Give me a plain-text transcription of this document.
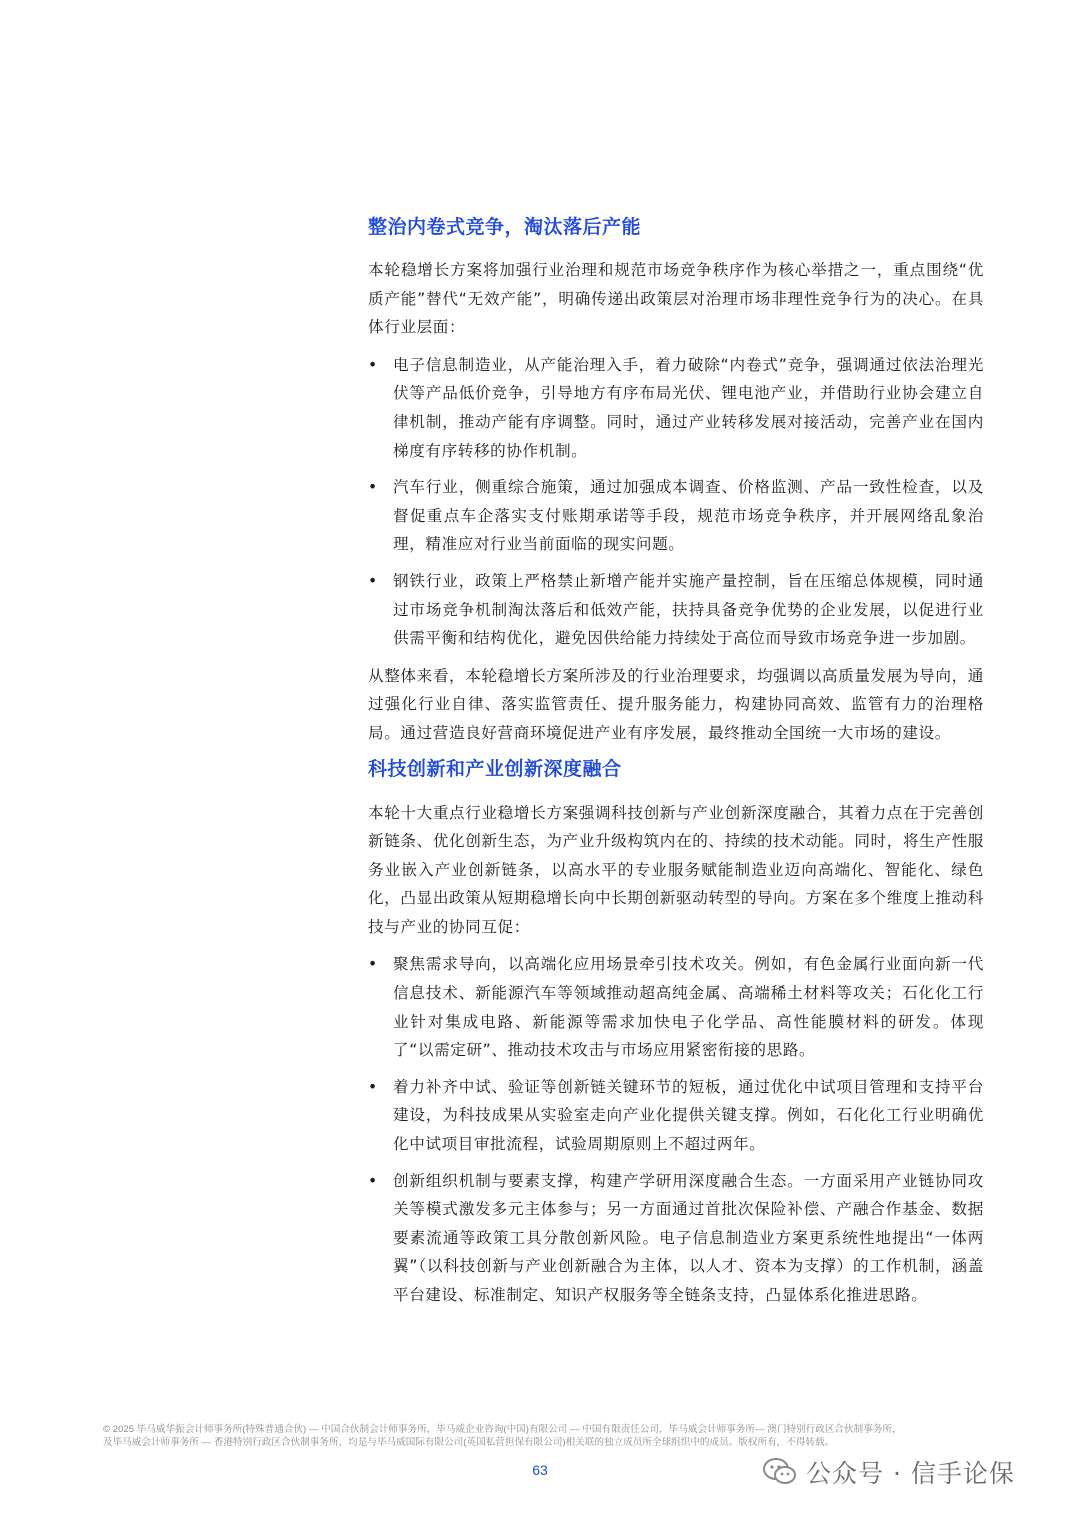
整治内卷式竞争，淘汰落后产能

本轮稳增长方案将加强行业治理和规范市场竞争秩序作为核心举措之一，重点围绕“优质产能”替代“无效产能”，明确传递出政策层对治理市场非理性竞争行为的决心。在具体行业层面：

• 电子信息制造业，从产能治理入手，着力破除“内卷式”竞争，强调通过依法治理光伏等产品低价竞争，引导地方有序布局光伏、锂电池产业，并借助行业协会建立自律机制，推动产能有序调整。同时，通过产业转移发展对接活动，完善产业在国内梯度有序转移的协作机制。
• 汽车行业，侧重综合施策，通过加强成本调查、价格监测、产品一致性检查，以及督促重点车企落实支付账期承诺等手段，规范市场竞争秩序，并开展网络乱象治理，精准应对行业当前面临的现实问题。
• 钢铁行业，政策上严格禁止新增产能并实施产量控制，旨在压缩总体规模，同时通过市场竞争机制淘汰落后和低效产能，扶持具备竞争优势的企业发展，以促进行业供需平衡和结构优化，避免因供给能力持续处于高位而导致市场竞争进一步加剧。

从整体来看，本轮稳增长方案所涉及的行业治理要求，均强调以高质量发展为导向，通过强化行业自律、落实监管责任、提升服务能力，构建协同高效、监管有力的治理格局。通过营造良好营商环境促进产业有序发展，最终推动全国统一大市场的建设。

科技创新和产业创新深度融合

本轮十大重点行业稳增长方案强调科技创新与产业创新深度融合，其着力点在于完善创新链条、优化创新生态，为产业升级构筑内在的、持续的技术动能。同时，将生产性服务业嵌入产业创新链条，以高水平的专业服务赋能制造业迈向高端化、智能化、绿色化，凸显出政策从短期稳增长向中长期创新驱动转型的导向。方案在多个维度上推动科技与产业的协同互促：

• 聚焦需求导向，以高端化应用场景牵引技术攻关。例如，有色金属行业面向新一代信息技术、新能源汽车等领域推动超高纯金属、高端稀土材料等攻关；石化化工行业针对集成电路、新能源等需求加快电子化学品、高性能膜材料的研发。体现了“以需定研”、推动技术攻击与市场应用紧密衔接的思路。
• 着力补齐中试、验证等创新链关键环节的短板，通过优化中试项目管理和支持平台建设，为科技成果从实验室走向产业化提供关键支撑。例如，石化化工行业明确优化中试项目审批流程，试验周期原则上不超过两年。
• 创新组织机制与要素支撑，构建产学研用深度融合生态。一方面采用产业链协同攻关等模式激发多元主体参与；另一方面通过首批次保险补偿、产融合作基金、数据要素流通等政策工具分散创新风险。电子信息制造业方案更系统性地提出“一体两翼”（以科技创新与产业创新融合为主体，以人才、资本为支撑）的工作机制，涵盖平台建设、标准制定、知识产权服务等全链条支持，凸显体系化推进思路。
© 2025 毕马威华振会计师事务所(特殊普通合伙) — 中国合伙制会计师事务所，毕马威企业咨询(中国)有限公司 — 中国有限责任公司，毕马威会计师事务所— 澳门特别行政区合伙制事务所，
及毕马威会计师事务所 — 香港特别行政区合伙制事务所，均是与毕马威国际有限公司(英国私营担保有限公司)相关联的独立成员所全球组织中的成员。版权所有，不得转载。
63	公众号 · 信手论保
